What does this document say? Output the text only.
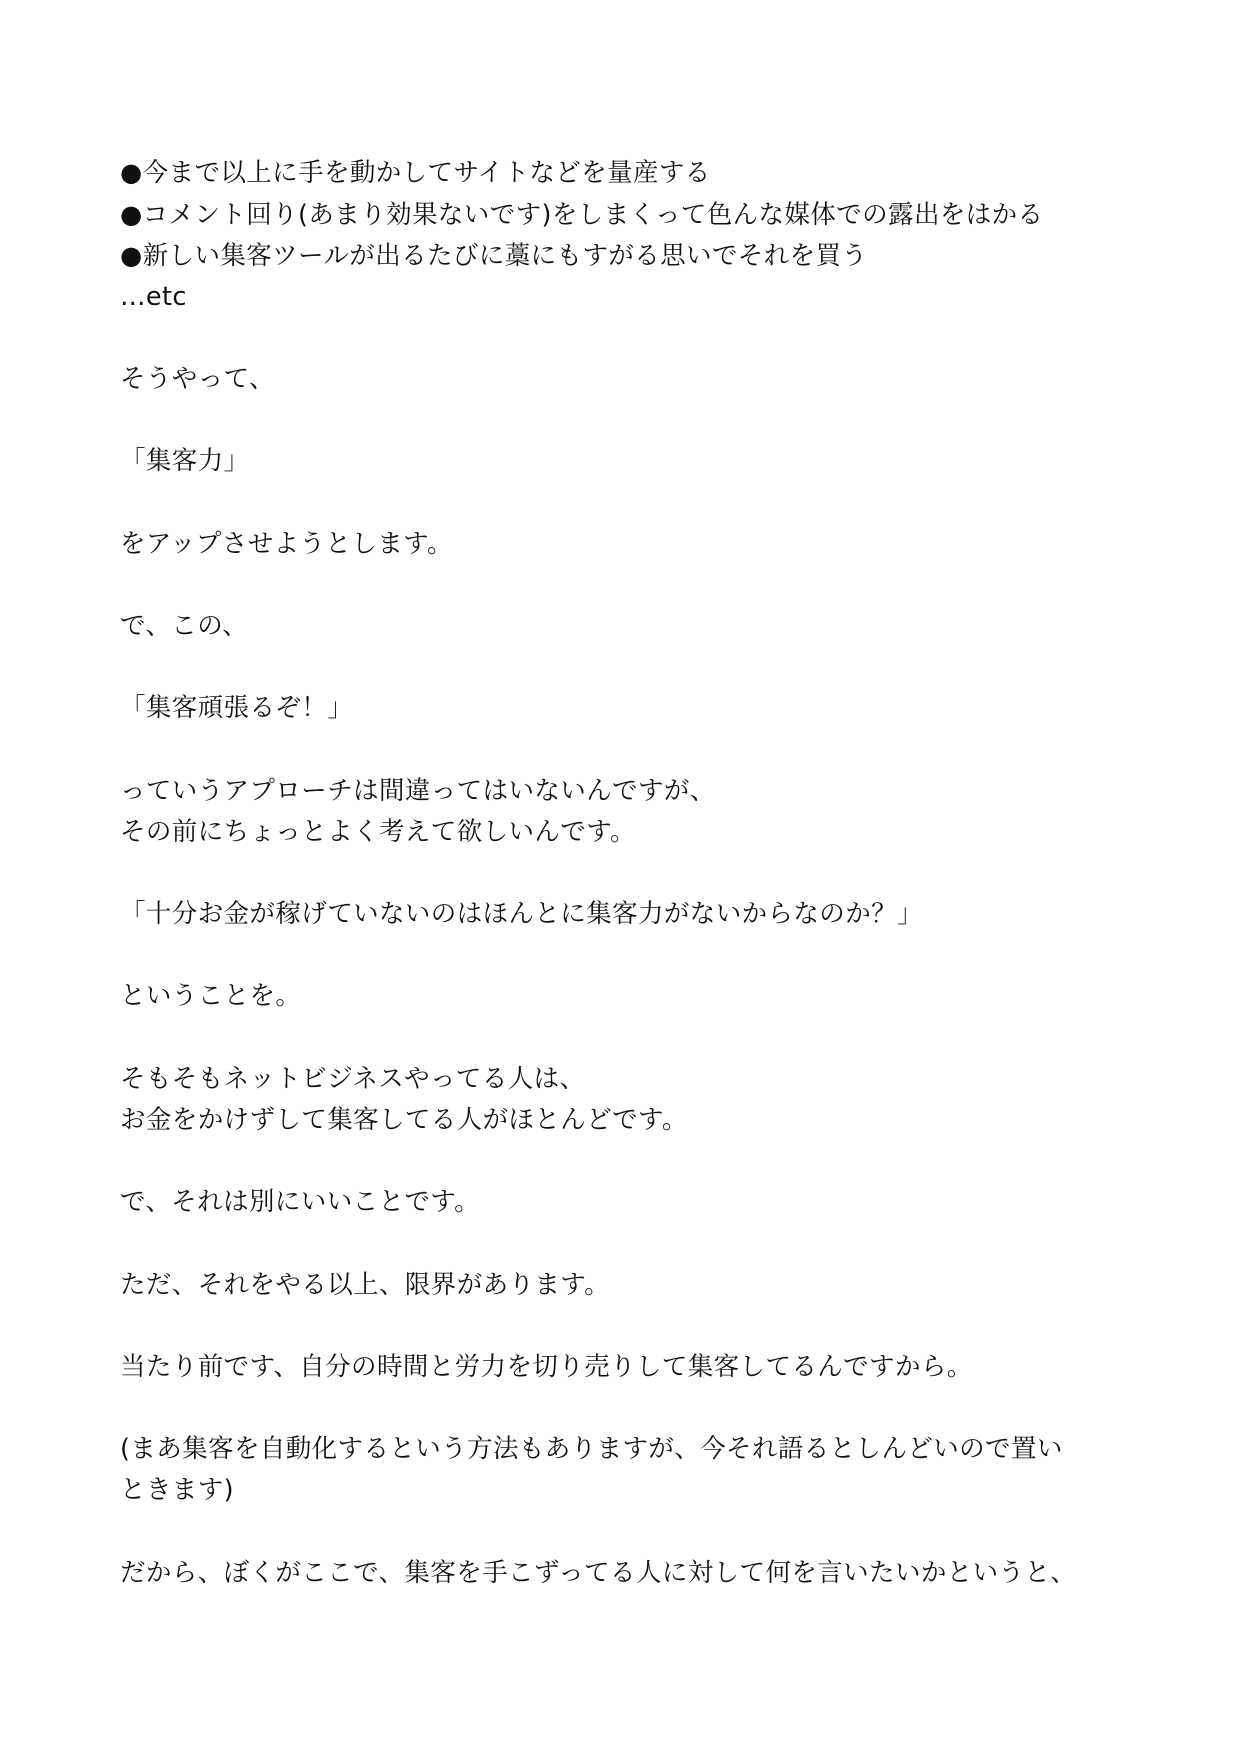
●今まで以上に手を動かしてサイトなどを量産する
●コメント回り(あまり効果ないです)をしまくって色んな媒体での露出をはかる
●新しい集客ツールが出るたびに藁にもすがる思いでそれを買う
…etc
そうやって、
「集客力」
をアップさせようとします。
で、この、
「集客頑張るぞ！」
っていうアプローチは間違ってはいないんですが、
その前にちょっとよく考えて欲しいんです。
「十分お金が稼げていないのはほんとに集客力がないからなのか？」
ということを。
そもそもネットビジネスやってる人は、
お金をかけずして集客してる人がほとんどです。
で、それは別にいいことです。
ただ、それをやる以上、限界があります。
当たり前です、自分の時間と労力を切り売りして集客してるんですから。
(まあ集客を自動化するという方法もありますが、今それ語るとしんどいので置い
ときます)
だから、ぼくがここで、集客を手こずってる人に対して何を言いたいかというと、
